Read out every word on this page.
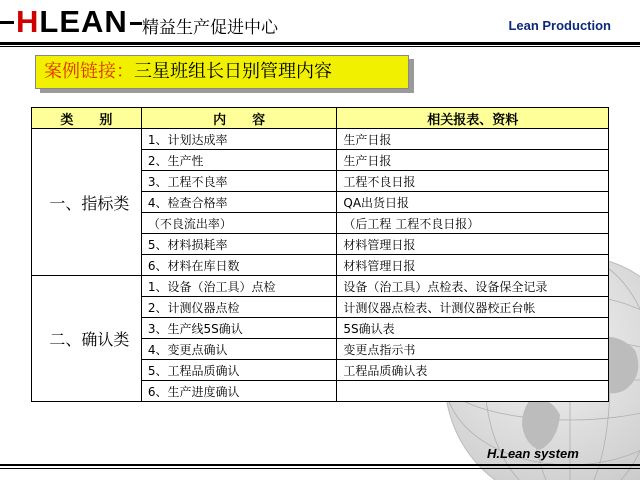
HLEAN 精益生产促进中心	Lean Production
案例链接：三星班组长日别管理内容
类　　别	内　　容	相关报表、资料
一、指标类	1、计划达成率	生产日报
	2、生产性	生产日报
	3、工程不良率	工程不良日报
	4、检查合格率	QA出货日报
	（不良流出率）	（后工程 工程不良日报）
	5、材料损耗率	材料管理日报
	6、材料在库日数	材料管理日报
二、确认类	1、设备（治工具）点检	设备（治工具）点检表、设备保全记录
	2、计测仪器点检	计测仪器点检表、计测仪器校正台帐
	3、生产线5S确认	5S确认表
	4、变更点确认	变更点指示书
	5、工程品质确认	工程品质确认表
	6、生产进度确认	
H.Lean system
